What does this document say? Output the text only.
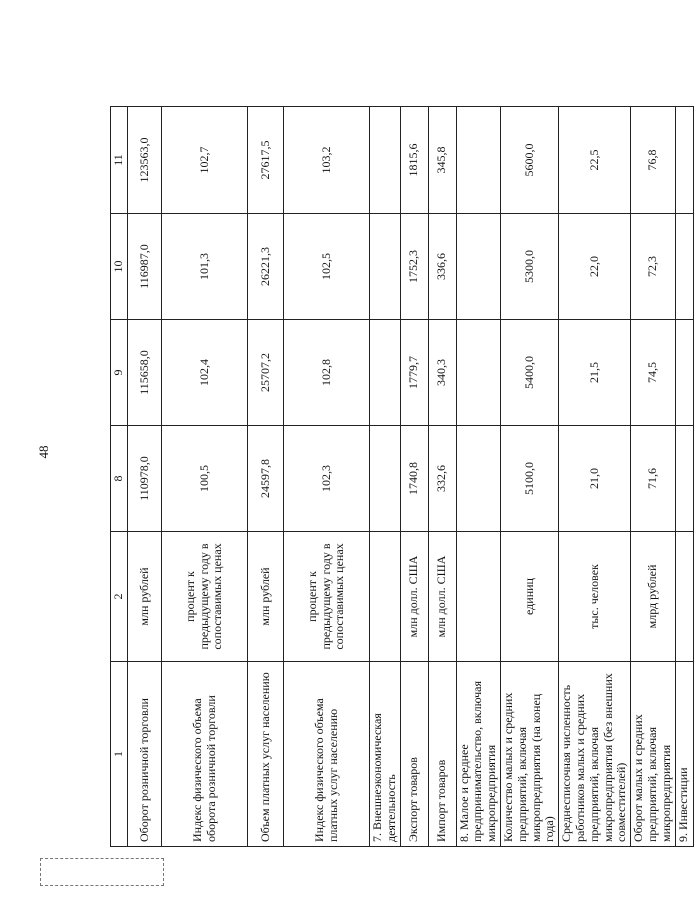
48
1	2	8	9	10	11
Оборот розничной торговли	млн рублей	110978,0	115658,0	116987,0	123563,0
Индекс физического объема оборота розничной торговли	процент к предыдущему году в сопоставимых ценах	100,5	102,4	101,3	102,7
Объем платных услуг населению	млн рублей	24597,8	25707,2	26221,3	27617,5
Индекс физического объема платных услуг населению	процент к предыдущему году в сопоставимых ценах	102,3	102,8	102,5	103,2
7. Внешнеэкономическая деятельность					
Экспорт товаров	млн долл. США	1740,8	1779,7	1752,3	1815,6
Импорт товаров	млн долл. США	332,6	340,3	336,6	345,8
8. Малое и среднее предпринимательство, включая микропредприятия					
Количество малых и средних предприятий, включая микропредприятия (на конец года)	единиц	5100,0	5400,0	5300,0	5600,0
Среднесписочная численность работников малых и средних предприятий, включая микропредприятия (без внешних совместителей)	тыс. человек	21,0	21,5	22,0	22,5
Оборот малых и средних предприятий, включая микропредприятия	млрд рублей	71,6	74,5	72,3	76,8
9. Инвестиции					
